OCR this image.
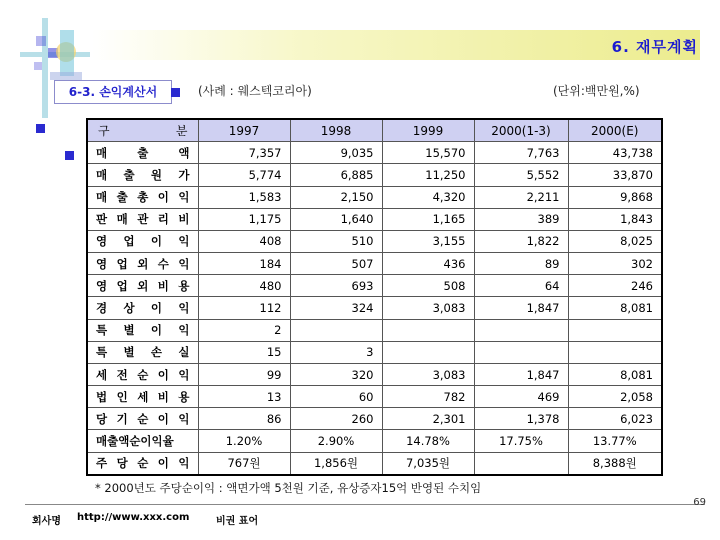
6. 재무계획
6-3. 손익계산서	(사례 : 웨스텍코리아)	(단위:백만원,%)
구 분	1997	1998	1999	2000(1-3)	2000(E)

매 출 액	7,357	9,035	15,570	7,763	43,738

매 출 원 가	5,774	6,885	11,250	5,552	33,870

매 출 총 이 익	1,583	2,150	4,320	2,211	9,868

판 매 관 리 비	1,175	1,640	1,165	389	1,843

영 업 이 익	408	510	3,155	1,822	8,025

영 업 외 수 익	184	507	436	89	302

영 업 외 비 용	480	693	508	64	246

경 상 이 익	112	324	3,083	1,847	8,081

특 별 이 익	2				

특 별 손 실	15	3			

세 전 순 이 익	99	320	3,083	1,847	8,081

법 인 세 비 용	13	60	782	469	2,058

당 기 순 이 익	86	260	2,301	1,378	6,023

매출액순이익율	1.20%	2.90%	14.78%	17.75%	13.77%

주 당 순 이 익	767원	1,856원	7,035원		8,388원
* 2000년도 주당순이익 : 액면가액 5천원 기준, 유상증자15억 반영된 수치임
69
회사명 http://www.xxx.com	비권 표어
